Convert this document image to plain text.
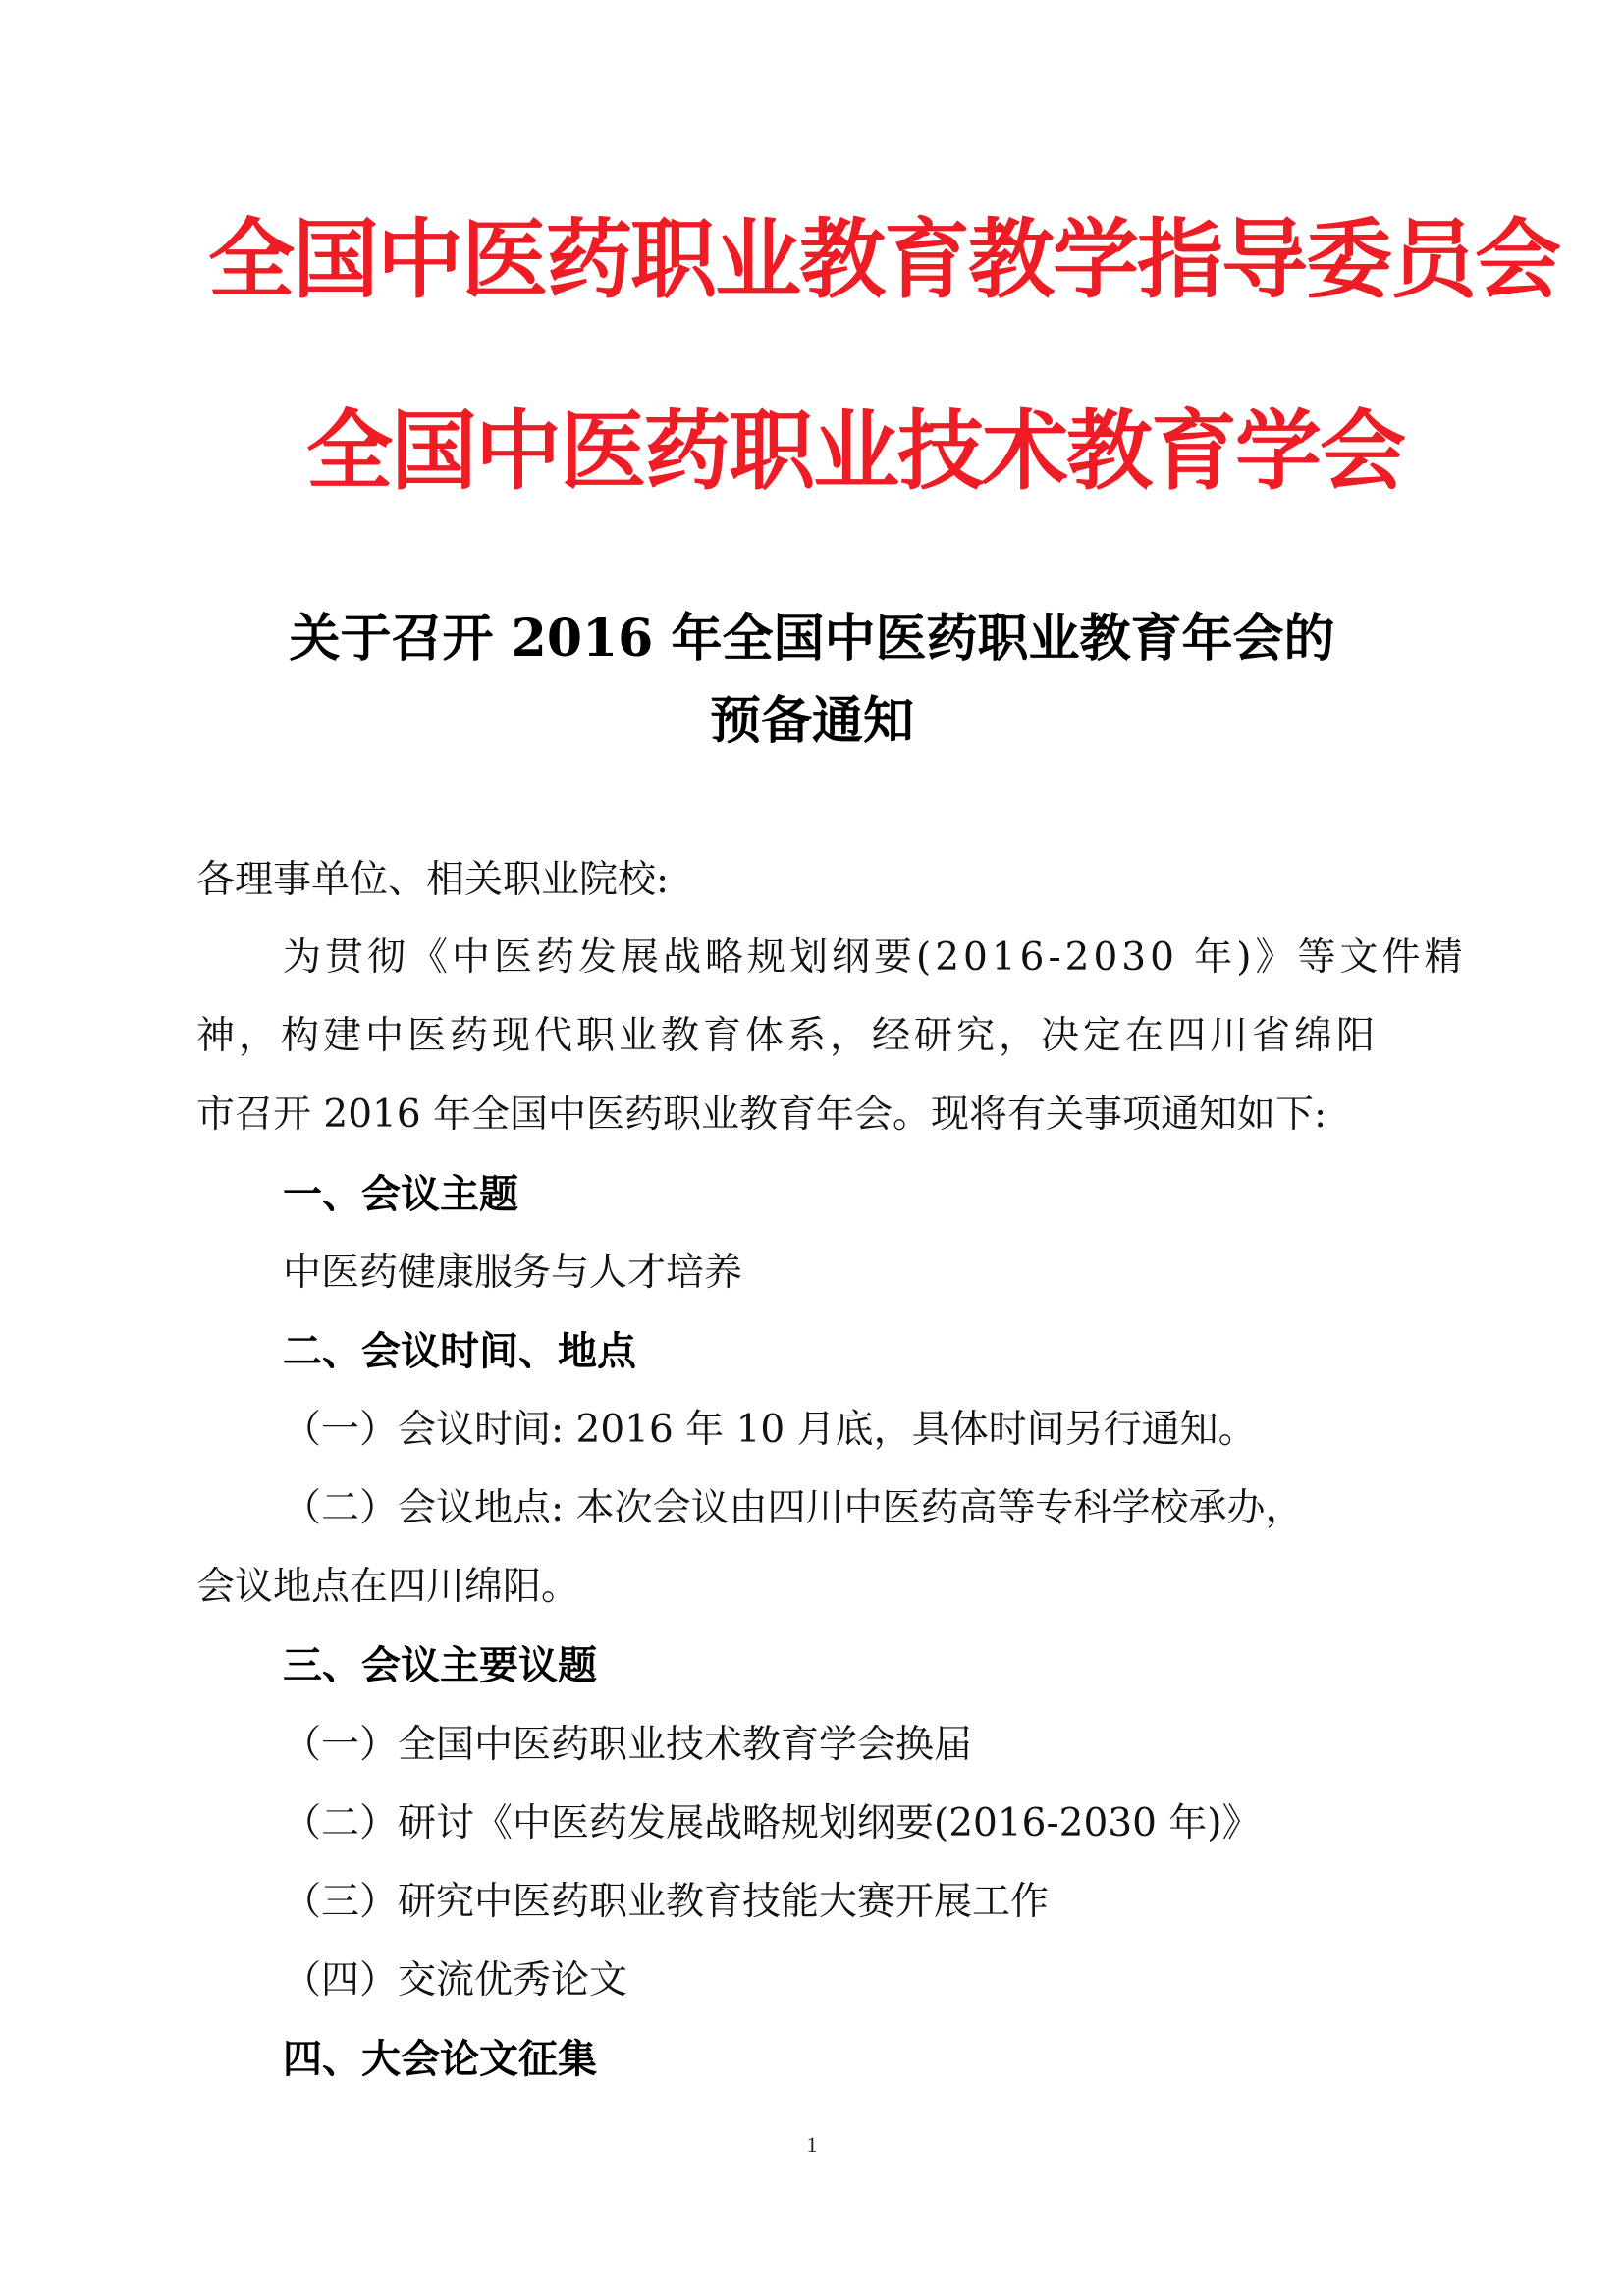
全国中医药职业教育教学指导委员会
全国中医药职业技术教育学会
关于召开 2016 年全国中医药职业教育年会的
预备通知
各理事单位、相关职业院校:
为贯彻《中医药发展战略规划纲要(2016-2030 年)》等文件精
神，构建中医药现代职业教育体系，经研究，决定在四川省绵阳
市召开 2016 年全国中医药职业教育年会。现将有关事项通知如下:
一、会议主题
中医药健康服务与人才培养
二、会议时间、地点
（一）会议时间: 2016 年 10 月底，具体时间另行通知。
（二）会议地点: 本次会议由四川中医药高等专科学校承办，
会议地点在四川绵阳。
三、会议主要议题
（一）全国中医药职业技术教育学会换届
（二）研讨《中医药发展战略规划纲要(2016-2030 年)》
（三）研究中医药职业教育技能大赛开展工作
（四）交流优秀论文
四、大会论文征集
1
